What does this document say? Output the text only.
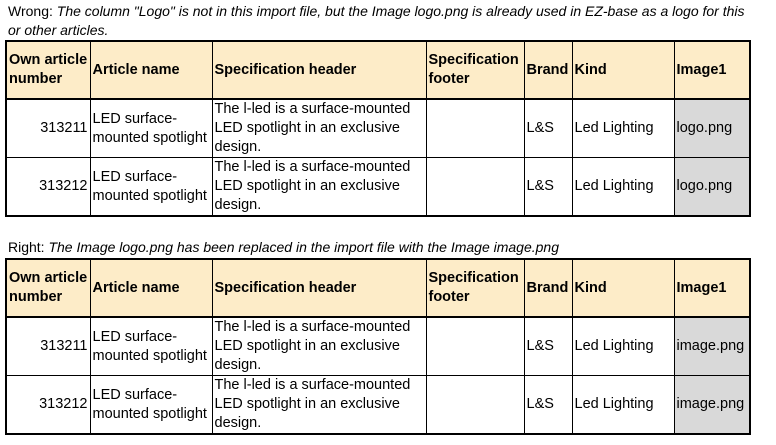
Wrong: The column "Logo" is not in this import file, but the Image logo.png is already used in EZ-base as a logo for this or other articles.
Own article number	Article name	Specification header	Specification footer	Brand	Kind	Image1
313211	LED surface-mounted spotlight	The l-led is a surface-mounted LED spotlight in an exclusive design.		L&S	Led Lighting	logo.png
313212	LED surface-mounted spotlight	The l-led is a surface-mounted LED spotlight in an exclusive design.		L&S	Led Lighting	logo.png
Right: The Image logo.png has been replaced in the import file with the Image image.png
Own article number	Article name	Specification header	Specification footer	Brand	Kind	Image1
313211	LED surface-mounted spotlight	The l-led is a surface-mounted LED spotlight in an exclusive design.		L&S	Led Lighting	image.png
313212	LED surface-mounted spotlight	The l-led is a surface-mounted LED spotlight in an exclusive design.		L&S	Led Lighting	image.png
